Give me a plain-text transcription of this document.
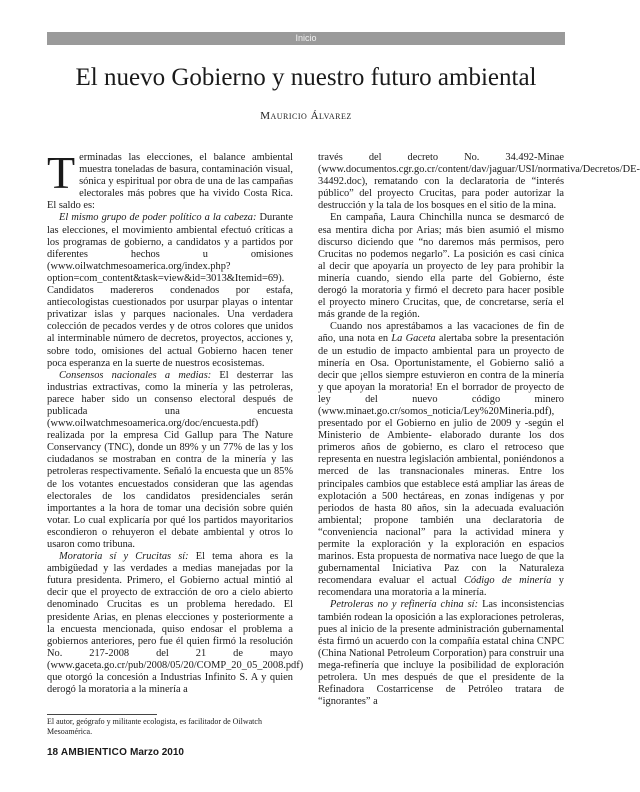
Inicio
El nuevo Gobierno y nuestro futuro ambiental
Mauricio Álvarez

Terminadas las elecciones, el balance ambiental muestra toneladas de basura, contaminación visual, sónica y espiritual por obra de una de las campañas electorales más pobres que ha vivido Costa Rica. El saldo es:

El mismo grupo de poder político a la cabeza: Durante las elecciones, el movimiento ambiental efectuó críticas a los programas de gobierno, a candidatos y a partidos por diferentes hechos u omisiones (www.oilwatchmesoamerica.org/index.php?option=com_content&task=view&id=3013&Itemid=69). Candidatos madereros condenados por estafa, antiecologistas cuestionados por usurpar playas o intentar privatizar islas y parques nacionales. Una verdadera colección de pecados verdes y de otros colores que unidos al interminable número de decretos, proyectos, acciones y, sobre todo, omisiones del actual Gobierno hacen tener poca esperanza en la suerte de nuestros ecosistemas.

Consensos nacionales a medias: El desterrar las industrias extractivas, como la minería y las petroleras, parece haber sido un consenso electoral después de publicada una encuesta (www.oilwatchmesoamerica.org/doc/encuesta.pdf) realizada por la empresa Cid Gallup para The Nature Conservancy (TNC), donde un 89% y un 77% de las y los ciudadanos se mostraban en contra de la minería y las petroleras respectivamente. Señaló la encuesta que un 85% de los votantes encuestados consideran que las agendas electorales de los candidatos presidenciales serán importantes a la hora de tomar una decisión sobre quién votar. Lo cual explicaría por qué los partidos mayoritarios escondieron o rehuyeron el debate ambiental y otros lo usaron como tribuna.

Moratoria sí y Crucitas sí: El tema ahora es la ambigüedad y las verdades a medias manejadas por la futura presidenta. Primero, el Gobierno actual mintió al decir que el proyecto de extracción de oro a cielo abierto denominado Crucitas es un problema heredado. El presidente Arias, en plenas elecciones y posteriormente a la encuesta mencionada, quiso endosar el problema a gobiernos anteriores, pero fue él quien firmó la resolución No. 217-2008 del 21 de mayo (www.gaceta.go.cr/pub/2008/05/20/COMP_20_05_2008.pdf) que otorgó la concesión a Industrias Infinito S. A y quien derogó la moratoria a la minería a

través del decreto No. 34.492-Minae (www.documentos.cgr.go.cr/content/dav/jaguar/USI/normativa/Decretos/DE-34492.doc), rematando con la declaratoria de “interés público” del proyecto Crucitas, para poder autorizar la destrucción y la tala de los bosques en el sitio de la mina.

En campaña, Laura Chinchilla nunca se desmarcó de esa mentira dicha por Arias; más bien asumió el mismo discurso diciendo que “no daremos más permisos, pero Crucitas no podemos negarlo”. La posición es casi cínica al decir que apoyaría un proyecto de ley para prohibir la minería cuando, siendo ella parte del Gobierno, éste derogó la moratoria y firmó el decreto para hacer posible el proyecto minero Crucitas, que, de concretarse, sería el más grande de la región.

Cuando nos aprestábamos a las vacaciones de fin de año, una nota en La Gaceta alertaba sobre la presentación de un estudio de impacto ambiental para un proyecto de minería en Osa. Oportunistamente, el Gobierno salió a decir que ¡ellos siempre estuvieron en contra de la minería y que apoyan la moratoria! En el borrador de proyecto de ley del nuevo código minero (www.minaet.go.cr/somos_noticia/Ley%20Mineria.pdf), presentado por el Gobierno en julio de 2009 y -según el Ministerio de Ambiente- elaborado durante los dos primeros años de gobierno, es claro el retroceso que representa en nuestra legislación ambiental, poniéndonos a merced de las transnacionales mineras. Entre los principales cambios que establece está ampliar las áreas de explotación a 500 hectáreas, en zonas indígenas y por periodos de hasta 80 años, sin la adecuada evaluación ambiental; propone también una declaratoria de “conveniencia nacional” para la actividad minera y permite la exploración y la exploración en espacios marinos. Esta propuesta de normativa nace luego de que la gubernamental Iniciativa Paz con la Naturaleza recomendara evaluar el actual Código de minería y recomendara una moratoria a la minería.

Petroleras no y refinería china sí: Las inconsistencias también rodean la oposición a las exploraciones petroleras, pues al inicio de la presente administración gubernamental ésta firmó un acuerdo con la compañía estatal china CNPC (China National Petroleum Corporation) para construir una mega-refinería que incluye la posibilidad de exploración petrolera. Un mes después de que el presidente de la Refinadora Costarricense de Petróleo tratara de “ignorantes” a

El autor, geógrafo y militante ecologista, es facilitador de Oilwatch Mesoamérica.
18 AMBIENTICO Marzo 2010
